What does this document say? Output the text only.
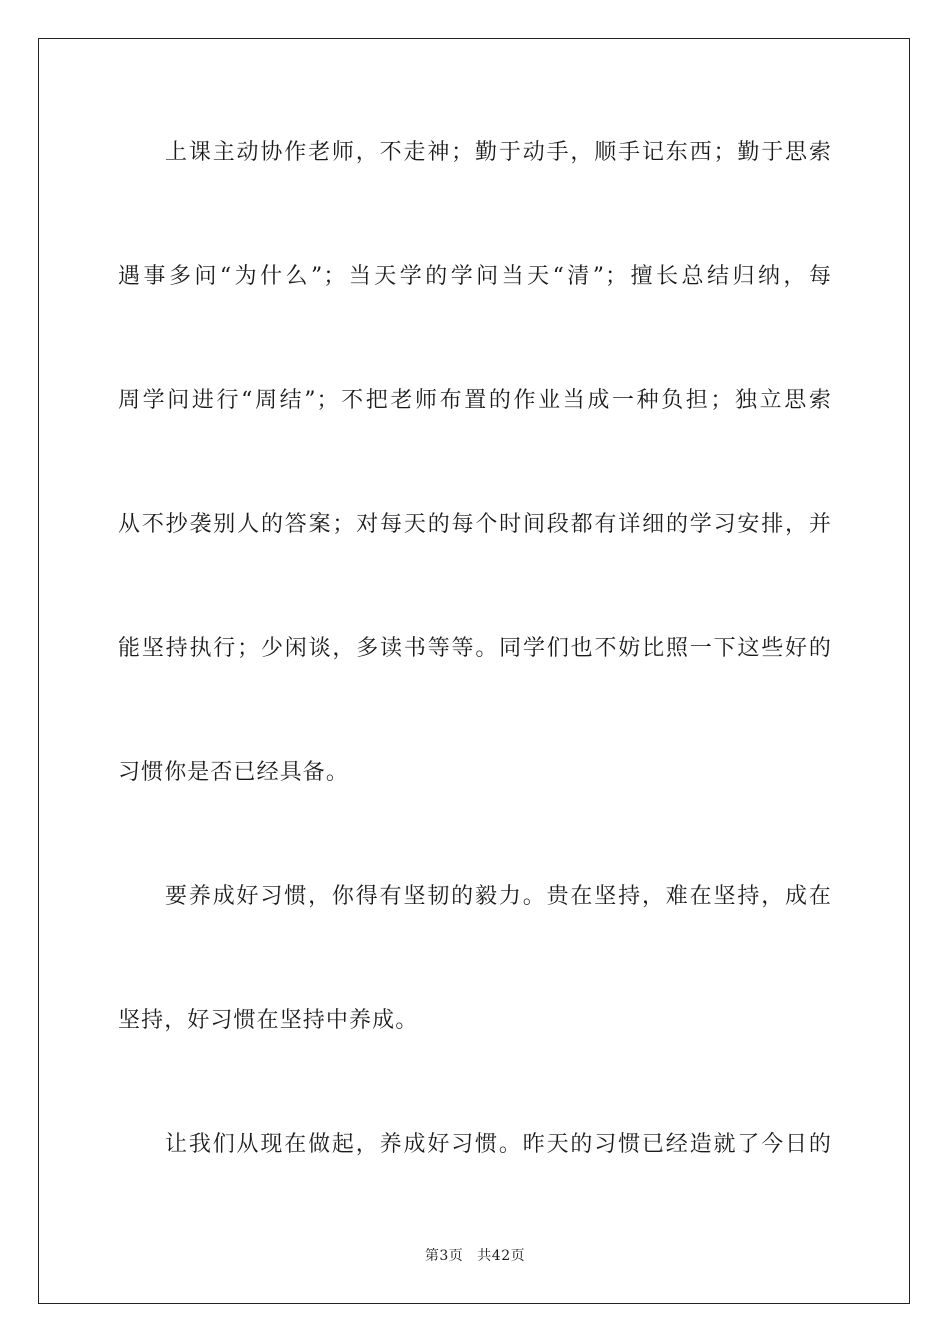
上课主动协作老师，不走神；勤于动手，顺手记东西；勤于思索
遇事多问“为什么”；当天学的学问当天“清”；擅长总结归纳，每
周学问进行“周结”；不把老师布置的作业当成一种负担；独立思索
从不抄袭别人的答案；对每天的每个时间段都有详细的学习安排，并
能坚持执行；少闲谈，多读书等等。同学们也不妨比照一下这些好的
习惯你是否已经具备。
要养成好习惯，你得有坚韧的毅力。贵在坚持，难在坚持，成在
坚持，好习惯在坚持中养成。
让我们从现在做起，养成好习惯。昨天的习惯已经造就了今日的
第3页 共42页
